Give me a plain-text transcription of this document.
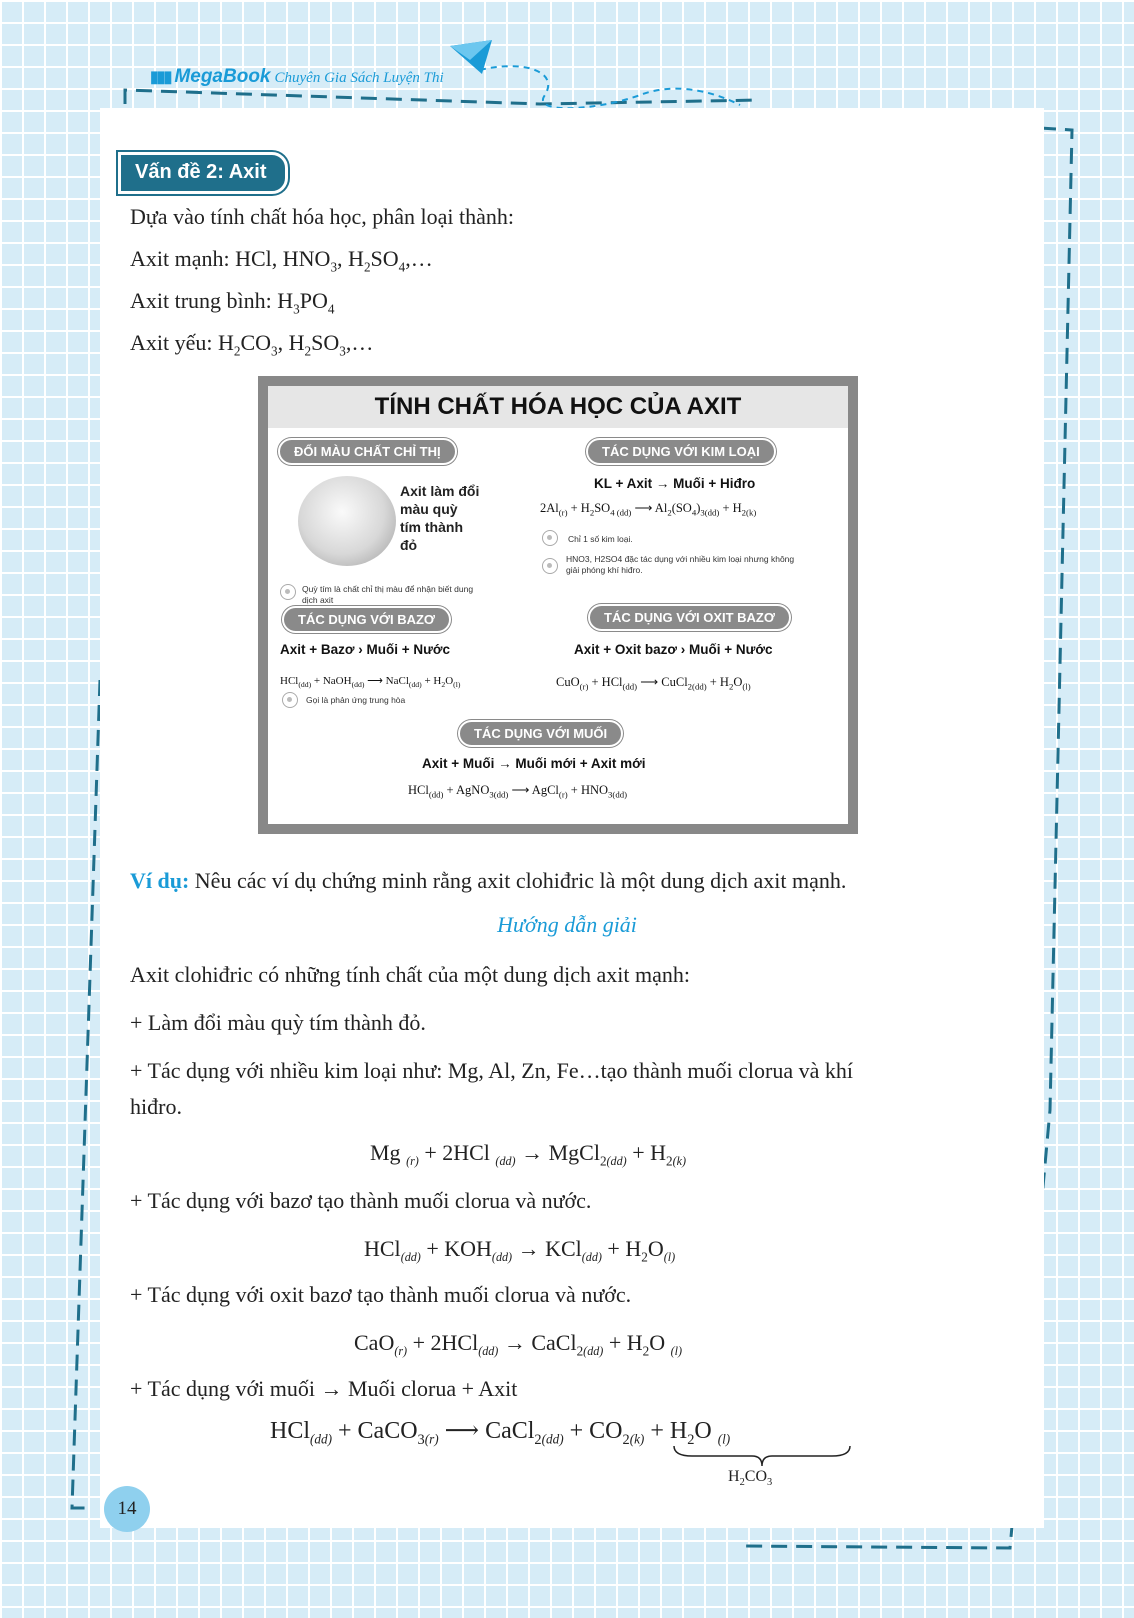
▮▮▮ MegaBook Chuyên Gia Sách Luyện Thi
Vấn đề 2: Axit
Dựa vào tính chất hóa học, phân loại thành:
Axit mạnh: HCl, $HNO_3$, $H_2SO_4,\dots$
Axit trung bình: $H_3PO_4$
Axit yếu: $H_2CO_3$, $H_2SO_3,\dots$
TÍNH CHẤT HÓA HỌC CỦA AXIT
ĐỔI MÀU CHẤT CHỈ THỊ
Axit làm đổi màu quỳ tím thành đỏ
Quỳ tím là chất chỉ thị màu để nhận biết dung dịch axit
TÁC DỤNG VỚI KIM LOẠI
KL + Axit → Muối + Hiđro
$2Al_{(r)} + H_2SO_{4 (dd)}$ ⟶ $Al_2(SO_4)_{3(dd)} + H_{2(k)}$
Chỉ 1 số kim loại.
HNO3, H2SO4 đặc tác dụng với nhiều kim loại nhưng không giải phóng khí hiđro.
TÁC DỤNG VỚI BAZƠ
Axit + Bazơ › Muối + Nước
HCl$_{(dd)}$ + NaOH$_{(dd)}$ ⟶ NaCl$_{(dd)}$ + $H_2O_{(l)}$
Gọi là phản ứng trung hòa
TÁC DỤNG VỚI OXIT BAZƠ
Axit + Oxit bazơ › Muối + Nước
CuO$_{(r)}$ + HCl$_{(dd)}$ ⟶ CuCl$_{2(dd)}$ + $H_2O_{(l)}$
TÁC DỤNG VỚI MUỐI
Axit + Muối → Muối mới + Axit mới
HCl$_{(dd)}$ + AgNO$_{3(dd)}$ ⟶ AgCl$_{(r)}$ + $HNO_{3(dd)}$
Ví dụ: Nêu các ví dụ chứng minh rằng axit clohiđric là một dung dịch axit mạnh.
Hướng dẫn giải
Axit clohiđric có những tính chất của một dung dịch axit mạnh:
+ Làm đổi màu quỳ tím thành đỏ.
+ Tác dụng với nhiều kim loại như: Mg, Al, Zn, Fe…tạo thành muối clorua và khí
hiđro.
Mg $_{(r)}$ + 2HCl $_{(dd)}$ → MgCl$_{2(dd)}$ + $H_{2(k)}$
+ Tác dụng với bazơ tạo thành muối clorua và nước.
$HCl_{(dd)} + KOH_{(dd)} \to KCl_{(dd)} + H_2O_{(l)}$
+ Tác dụng với oxit bazơ tạo thành muối clorua và nước.
CaO$_{(r)}$ + 2HCl$_{(dd)}$ → CaCl$_{2(dd)}$ + $H_2O$ $_{(l)}$
+ Tác dụng với muối → Muối clorua + Axit
HCl$_{(dd)}$ + CaCO$_{3(r)}$ ⟶ CaCl$_{2(dd)}$ + $CO_{2(k)} + H_2O$ $_{(l)}$
$H_2CO_3$
14
